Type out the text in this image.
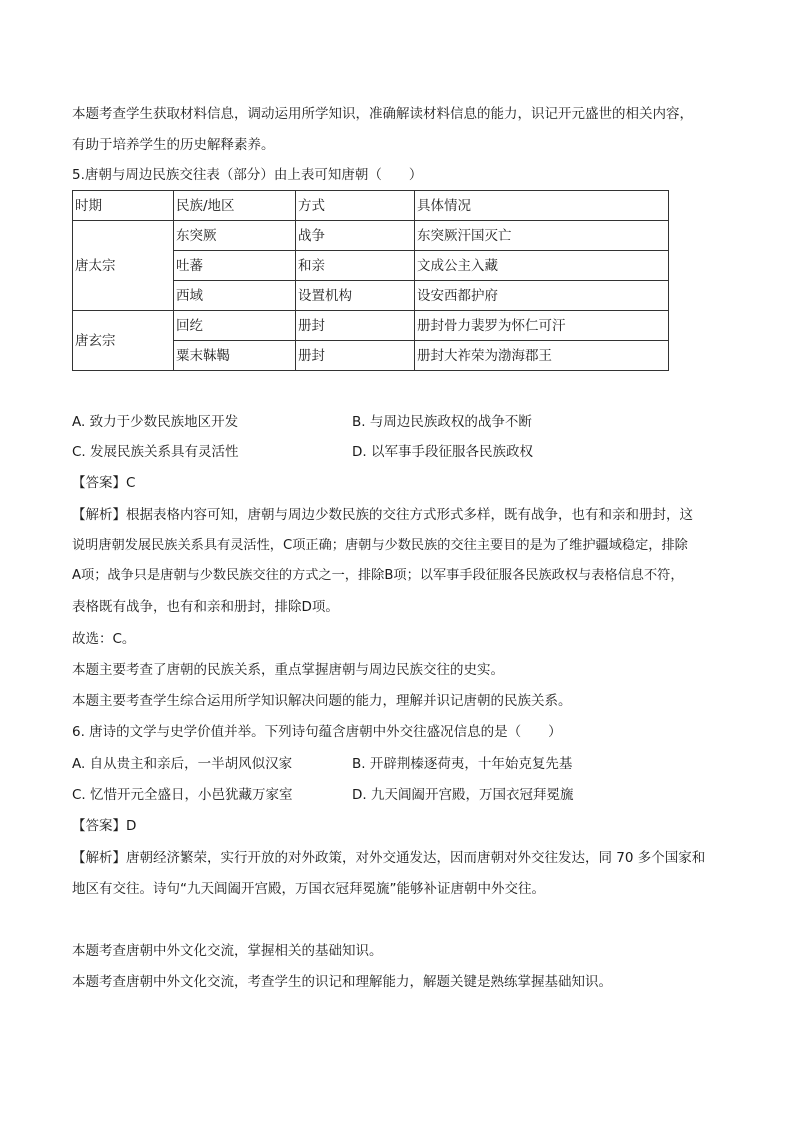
本题考查学生获取材料信息，调动运用所学知识，准确解读材料信息的能力，识记开元盛世的相关内容，
有助于培养学生的历史解释素养。
5.唐朝与周边民族交往表（部分）由上表可知唐朝（　　）
时期	民族/地区	方式	具体情况
唐太宗	东突厥	战争	东突厥汗国灭亡
	吐蕃	和亲	文成公主入藏
	西域	设置机构	设安西都护府
唐玄宗	回纥	册封	册封骨力裴罗为怀仁可汗
	粟末靺鞨	册封	册封大祚荣为渤海郡王
A. 致力于少数民族地区开发	B. 与周边民族政权的战争不断
C. 发展民族关系具有灵活性	D. 以军事手段征服各民族政权
【答案】C
【解析】根据表格内容可知，唐朝与周边少数民族的交往方式形式多样，既有战争，也有和亲和册封，这
说明唐朝发展民族关系具有灵活性，C项正确；唐朝与少数民族的交往主要目的是为了维护疆域稳定，排除
A项；战争只是唐朝与少数民族交往的方式之一，排除B项；以军事手段征服各民族政权与表格信息不符，
表格既有战争，也有和亲和册封，排除D项。
故选：C。
本题主要考查了唐朝的民族关系，重点掌握唐朝与周边民族交往的史实。
本题主要考查学生综合运用所学知识解决问题的能力，理解并识记唐朝的民族关系。
6. 唐诗的文学与史学价值并举。下列诗句蕴含唐朝中外交往盛况信息的是（　　）
A. 自从贵主和亲后，一半胡风似汉家	B. 开辟荆榛逐荷夷，十年始克复先基
C. 忆惜开元全盛日，小邑犹藏万家室	D. 九天阊阖开宫殿，万国衣冠拜冕旒
【答案】D
【解析】唐朝经济繁荣，实行开放的对外政策，对外交通发达，因而唐朝对外交往发达，同 70 多个国家和
地区有交往。诗句“九天阊阖开宫殿，万国衣冠拜冕旒”能够补证唐朝中外交往。
本题考查唐朝中外文化交流，掌握相关的基础知识。
本题考查唐朝中外文化交流，考查学生的识记和理解能力，解题关键是熟练掌握基础知识。
